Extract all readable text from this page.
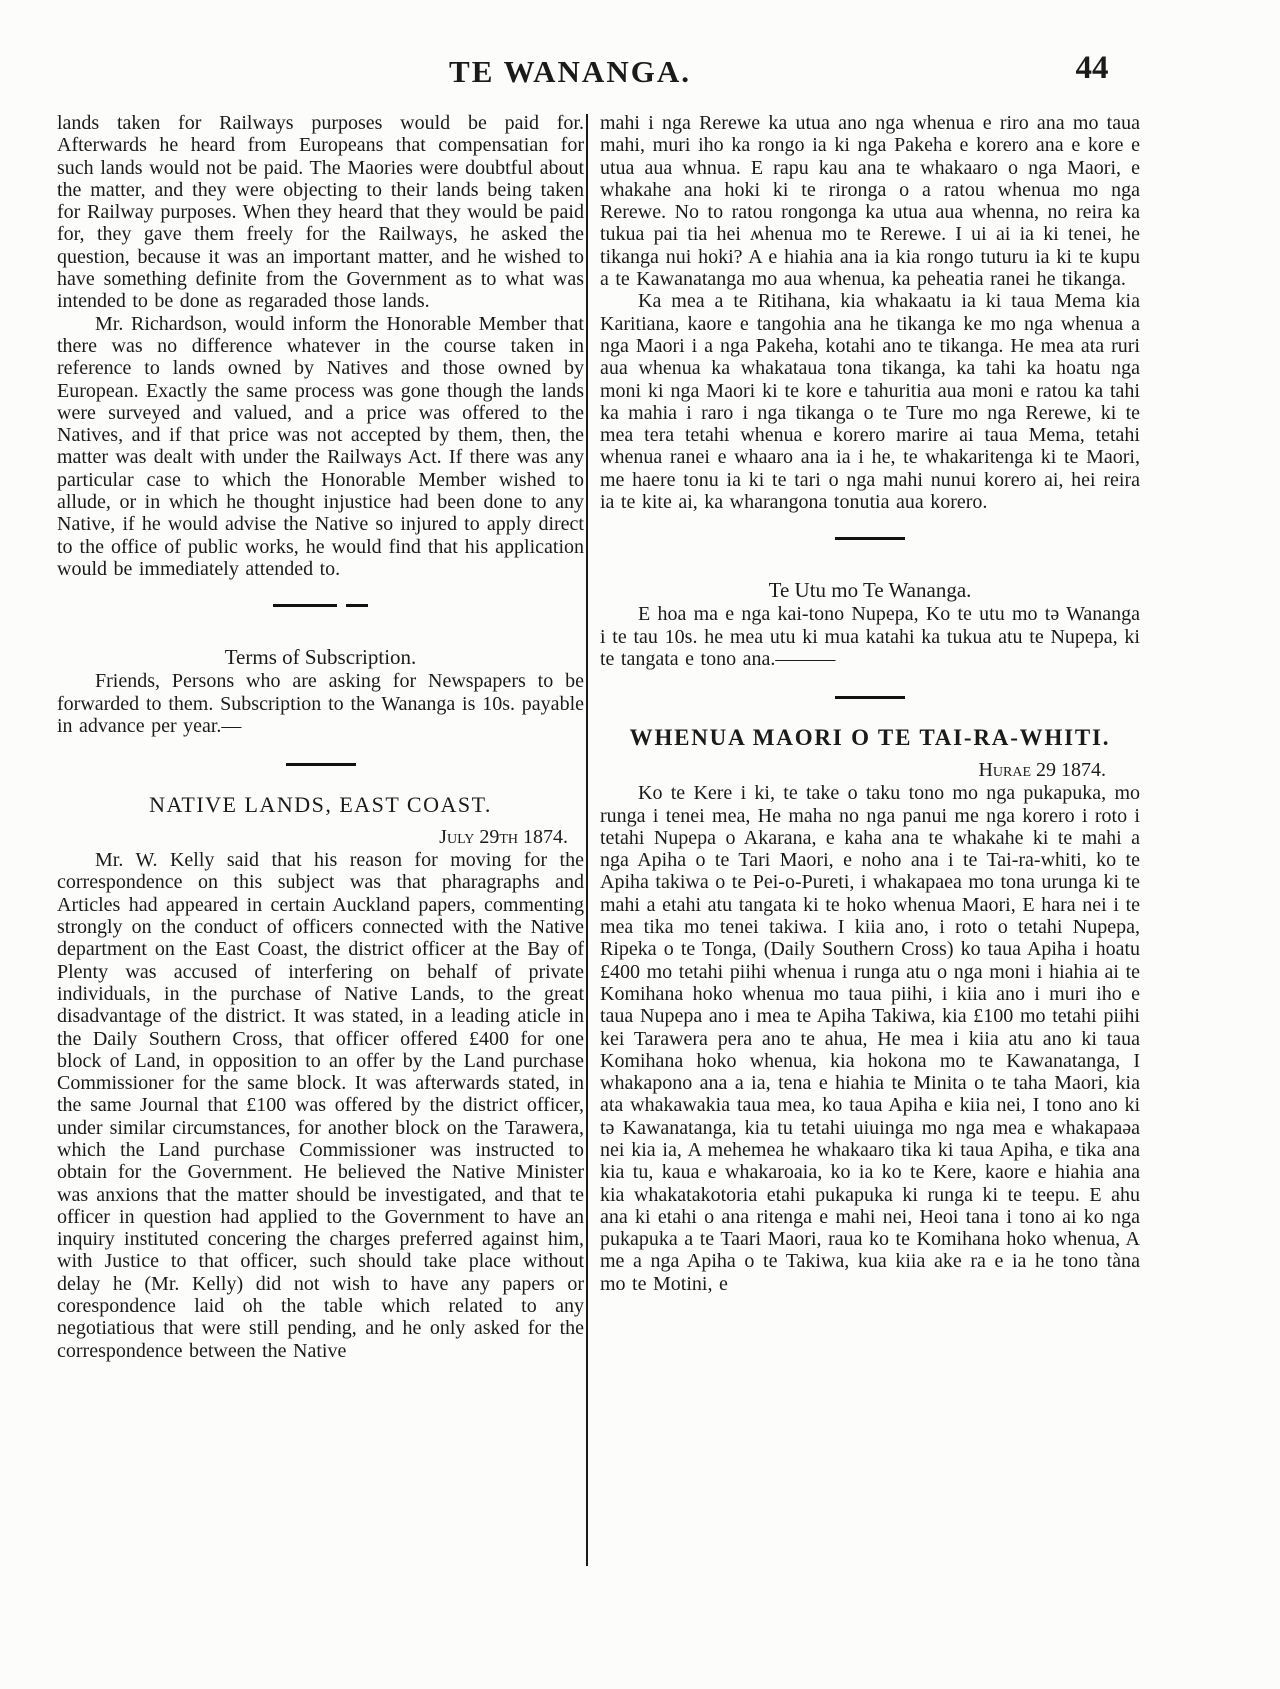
TE WANANGA.	44

lands taken for Railways purposes would be paid for. Afterwards he heard from Europeans that compensatian for such lands would not be paid. The Maories were doubtful about the matter, and they were objecting to their lands being taken for Railway purposes. When they heard that they would be paid for, they gave them freely for the Railways, he asked the question, because it was an important matter, and he wished to have something definite from the Government as to what was intended to be done as regaraded those lands.

Mr. Richardson, would inform the Honorable Member that there was no difference whatever in the course taken in reference to lands owned by Natives and those owned by European. Exactly the same process was gone though the lands were surveyed and valued, and a price was offered to the Natives, and if that price was not accepted by them, then, the matter was dealt with under the Railways Act. If there was any particular case to which the Honorable Member wished to allude, or in which he thought injustice had been done to any Native, if he would advise the Native so injured to apply direct to the office of public works, he would find that his application would be immediately attended to.

Terms of Subscription.

Friends, Persons who are asking for Newspapers to be forwarded to them. Subscription to the Wananga is 10s. payable in advance per year.—

NATIVE LANDS, EAST COAST.
July 29th 1874.

Mr. W. Kelly said that his reason for moving for the correspondence on this subject was that pharagraphs and Articles had appeared in certain Auckland papers, commenting strongly on the conduct of officers connected with the Native department on the East Coast, the district officer at the Bay of Plenty was accused of interfering on behalf of private individuals, in the purchase of Native Lands, to the great disadvantage of the district. It was stated, in a leading aticle in the Daily Southern Cross, that officer offered £400 for one block of Land, in opposition to an offer by the Land purchase Commissioner for the same block. It was afterwards stated, in the same Journal that £100 was offered by the district officer, under similar circumstances, for another block on the Tarawera, which the Land purchase Commissioner was instructed to obtain for the Government. He believed the Native Minister was anxions that the matter should be investigated, and that te officer in question had applied to the Government to have an inquiry instituted concering the charges preferred against him, with Justice to that officer, such should take place without delay he (Mr. Kelly) did not wish to have any papers or corespondence laid oh the table which related to any negotiatious that were still pending, and he only asked for the correspondence between the Native

mahi i nga Rerewe ka utua ano nga whenua e riro ana mo taua mahi, muri iho ka rongo ia ki nga Pakeha e korero ana e kore e utua aua whnua. E rapu kau ana te whakaaro o nga Maori, e whakahe ana hoki ki te rironga o a ratou whenua mo nga Rerewe. No to ratou rongonga ka utua aua whenna, no reira ka tukua pai tia hei ʍhenua mo te Rerewe. I ui ai ia ki tenei, he tikanga nui hoki? A e hiahia ana ia kia rongo tuturu ia ki te kupu a te Kawanatanga mo aua whenua, ka peheatia ranei he tikanga.

Ka mea a te Ritihana, kia whakaatu ia ki taua Mema kia Karitiana, kaore e tangohia ana he tikanga ke mo nga whenua a nga Maori i a nga Pakeha, kotahi ano te tikanga. He mea ata ruri aua whenua ka whakataua tona tikanga, ka tahi ka hoatu nga moni ki nga Maori ki te kore e tahuritia aua moni e ratou ka tahi ka mahia i raro i nga tikanga o te Ture mo nga Rerewe, ki te mea tera tetahi whenua e korero marire ai taua Mema, tetahi whenua ranei e whaaro ana ia i he, te whakaritenga ki te Maori, me haere tonu ia ki te tari o nga mahi nunui korero ai, hei reira ia te kite ai, ka wharangona tonutia aua korero.

Te Utu mo Te Wananga.

E hoa ma e nga kai-tono Nupepa, Ko te utu mo tə Wananga i te tau 10s. he mea utu ki mua katahi ka tukua atu te Nupepa, ki te tangata e tono ana.———

WHENUA MAORI O TE TAI-RA-WHITI.
Hurae 29 1874.

Ko te Kere i ki, te take o taku tono mo nga pukapuka, mo runga i tenei mea, He maha no nga panui me nga korero i roto i tetahi Nupepa o Akarana, e kaha ana te whakahe ki te mahi a nga Apiha o te Tari Maori, e noho ana i te Tai-ra-whiti, ko te Apiha takiwa o te Pei-o-Pureti, i whakapaea mo tona urunga ki te mahi a etahi atu tangata ki te hoko whenua Maori, E hara nei i te mea tika mo tenei takiwa. I kiia ano, i roto o tetahi Nupepa, Ripeka o te Tonga, (Daily Southern Cross) ko taua Apiha i hoatu £400 mo tetahi piihi whenua i runga atu o nga moni i hiahia ai te Komihana hoko whenua mo taua piihi, i kiia ano i muri iho e taua Nupepa ano i mea te Apiha Takiwa, kia £100 mo tetahi piihi kei Tarawera pera ano te ahua, He mea i kiia atu ano ki taua Komihana hoko whenua, kia hokona mo te Kawanatanga, I whakapono ana a ia, tena e hiahia te Minita o te taha Maori, kia ata whakawakia taua mea, ko taua Apiha e kiia nei, I tono ano ki tə Kawanatanga, kia tu tetahi uiuinga mo nga mea e whakapaəa nei kia ia, A mehemea he whakaaro tika ki taua Apiha, e tika ana kia tu, kaua e whakaroaia, ko ia ko te Kere, kaore e hiahia ana kia whakatakotoria etahi pukapuka ki runga ki te teepu. E ahu ana ki etahi o ana ritenga e mahi nei, Heoi tana i tono ai ko nga pukapuka a te Taari Maori, raua ko te Komihana hoko whenua, A me a nga Apiha o te Takiwa, kua kiia ake ra e ia he tono tàna mo te Motini, e
